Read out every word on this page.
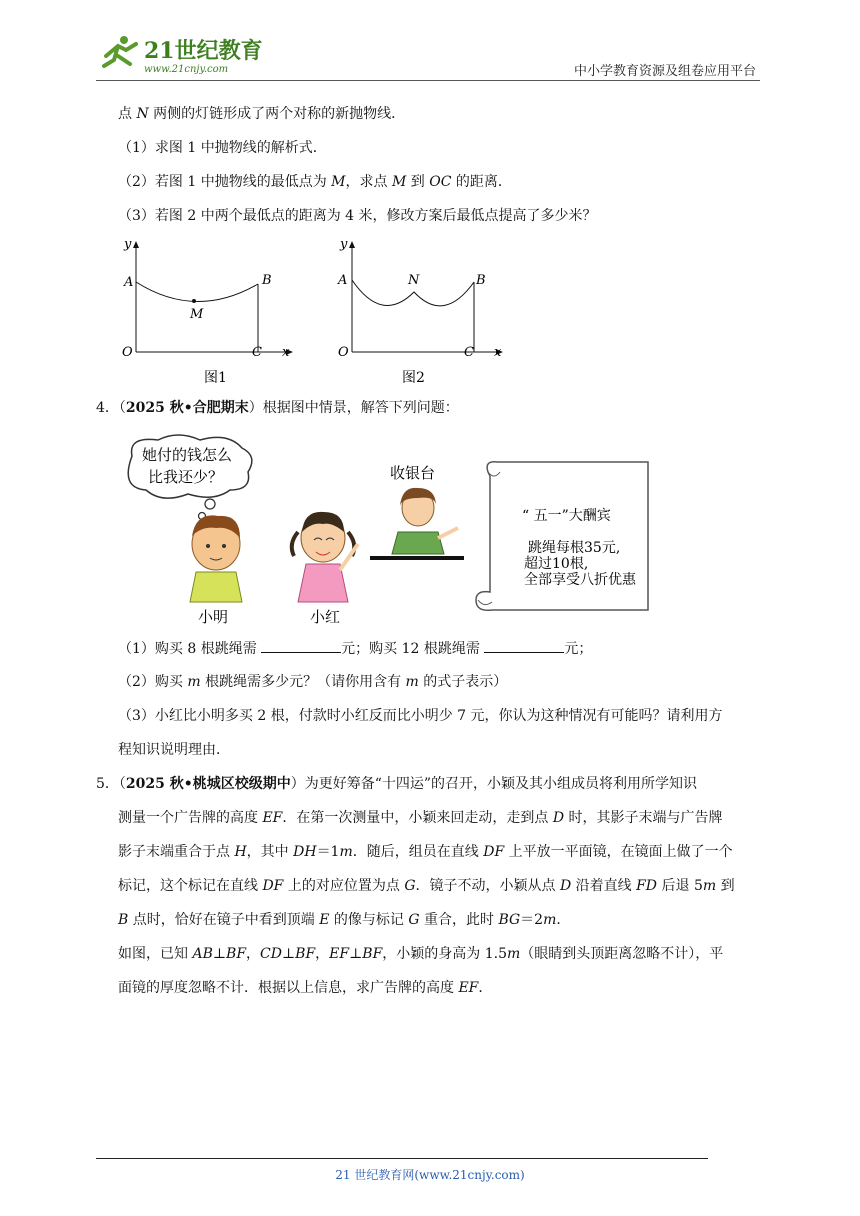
21世纪教育
www.21cnjy.com	中小学教育资源及组卷应用平台
点 N 两侧的灯链形成了两个对称的新抛物线．
（1）求图 1 中抛物线的解析式．
（2）若图 1 中抛物线的最低点为 M，求点 M 到 OC 的距离．
（3）若图 2 中两个最低点的距离为 4 米，修改方案后最低点提高了多少米？
y
A	B
M
O	C x
图1
y
A	B
N
O	C x
图2
4．（2025 秋•合肥期末）根据图中情景，解答下列问题：
她付的钱怎么
比我还少？
小明	小红
收银台
“ 五一”大酬宾
跳绳每根35元,
超过10根,
全部享受八折优惠
（1）购买 8 根跳绳需	元；购买 12 根跳绳需	元；
（2）购买 m 根跳绳需多少元？（请你用含有 m 的式子表示）
（3）小红比小明多买 2 根，付款时小红反而比小明少 7 元，你认为这种情况有可能吗？请利用方
程知识说明理由．
5．（2025 秋•桃城区校级期中）为更好筹备“十四运”的召开，小颖及其小组成员将利用所学知识
测量一个广告牌的高度 EF．在第一次测量中，小颖来回走动，走到点 D 时，其影子末端与广告牌
影子末端重合于点 H，其中 DH＝1m．随后，组员在直线 DF 上平放一平面镜，在镜面上做了一个
标记，这个标记在直线 DF 上的对应位置为点 G．镜子不动，小颖从点 D 沿着直线 FD 后退 5m 到
B 点时，恰好在镜子中看到顶端 E 的像与标记 G 重合，此时 BG＝2m．
如图，已知 AB⊥BF，CD⊥BF，EF⊥BF，小颖的身高为 1.5m（眼睛到头顶距离忽略不计），平
面镜的厚度忽略不计．根据以上信息，求广告牌的高度 EF．
21 世纪教育网(www.21cnjy.com)
